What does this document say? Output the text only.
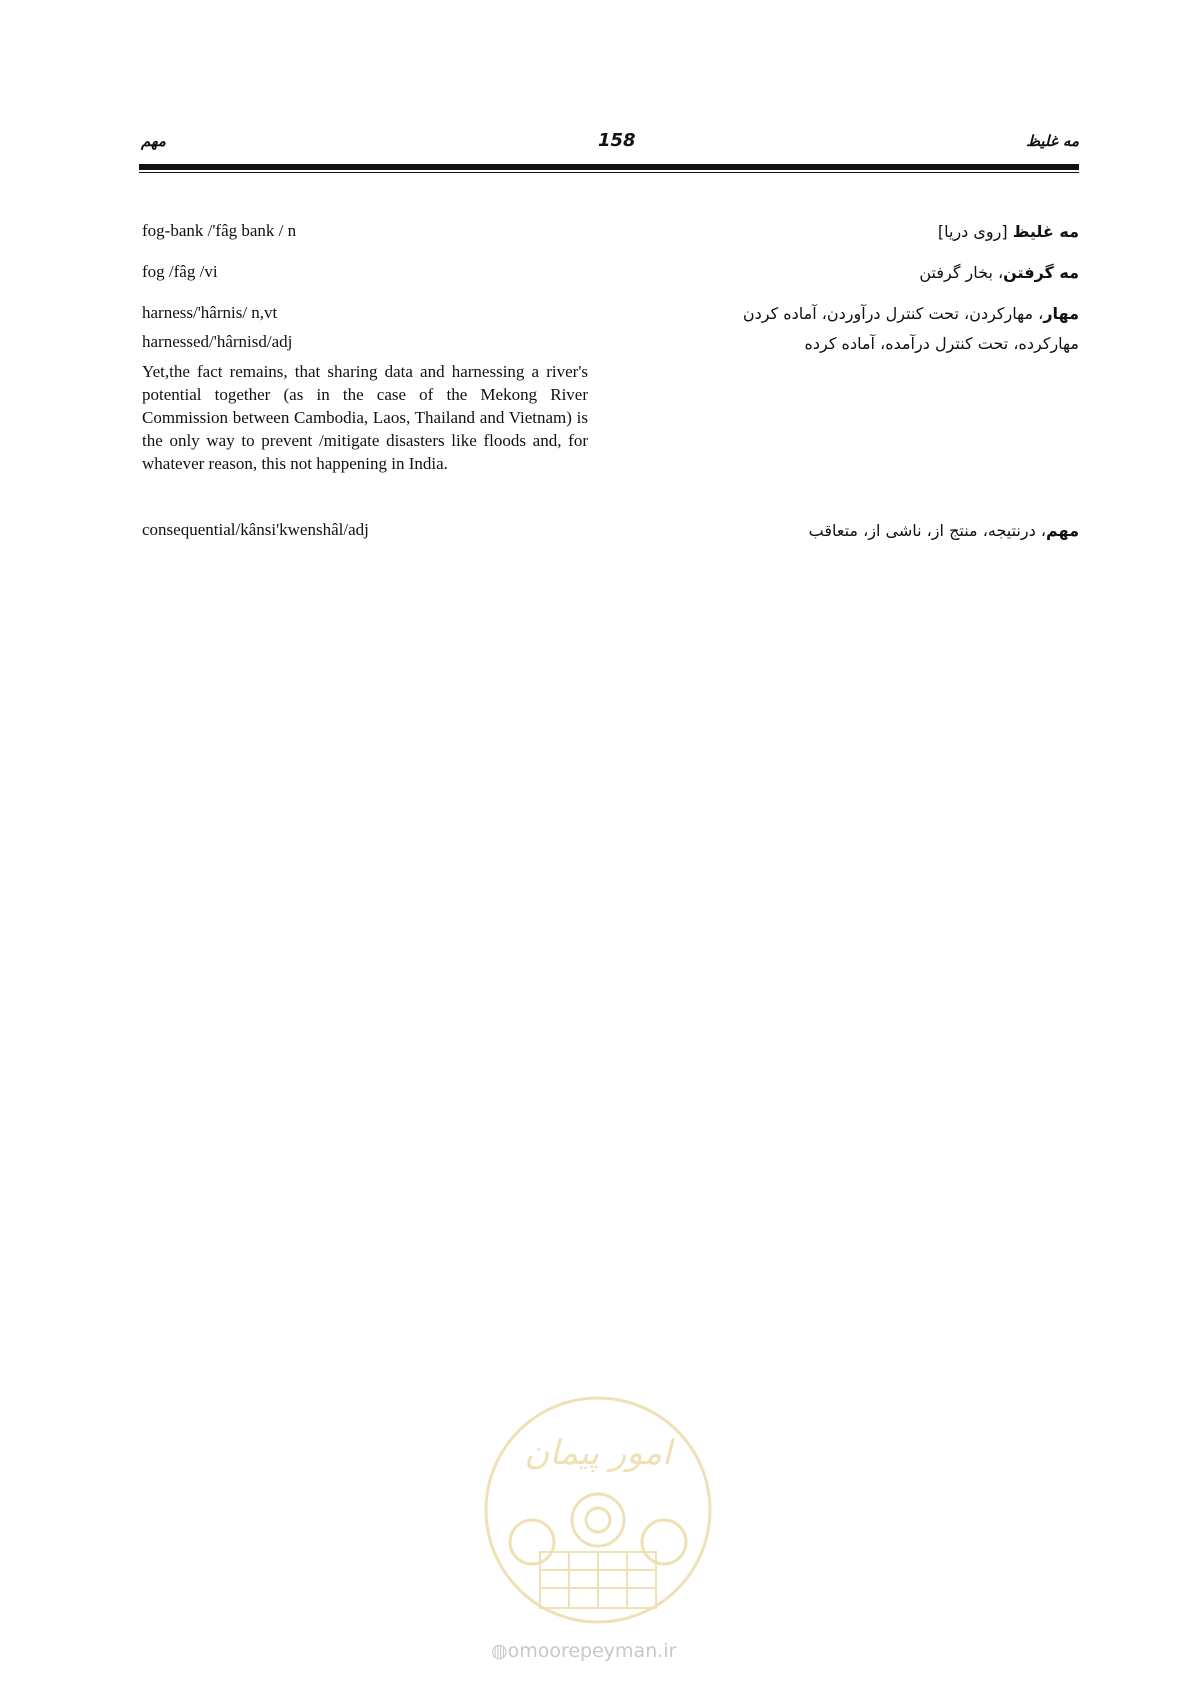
مهم	158	مه غلیظ
fog-bank /'fâg bank / n
fog /fâg /vi
harness/'hârnis/ n,vt
harnessed/'hârnisd/adj
Yet,the fact remains, that sharing data and harnessing a river's potential together (as in the case of the Mekong River Commission between Cambodia, Laos, Thailand and Vietnam) is the only way to prevent /mitigate disasters like floods and, for whatever reason, this not happening in India.
consequential/kânsi'kwenshâl/adj
مه غلیظ [روی دریا]
مه گرفتن، بخار گرفتن
مهار، مهارکردن، تحت کنترل درآوردن، آماده کردن
مهارکرده، تحت کنترل درآمده، آماده کرده
مهم، درنتیجه، منتج از، ناشی از، متعاقب
امور پیمان
◍omoorepeyman.ir
